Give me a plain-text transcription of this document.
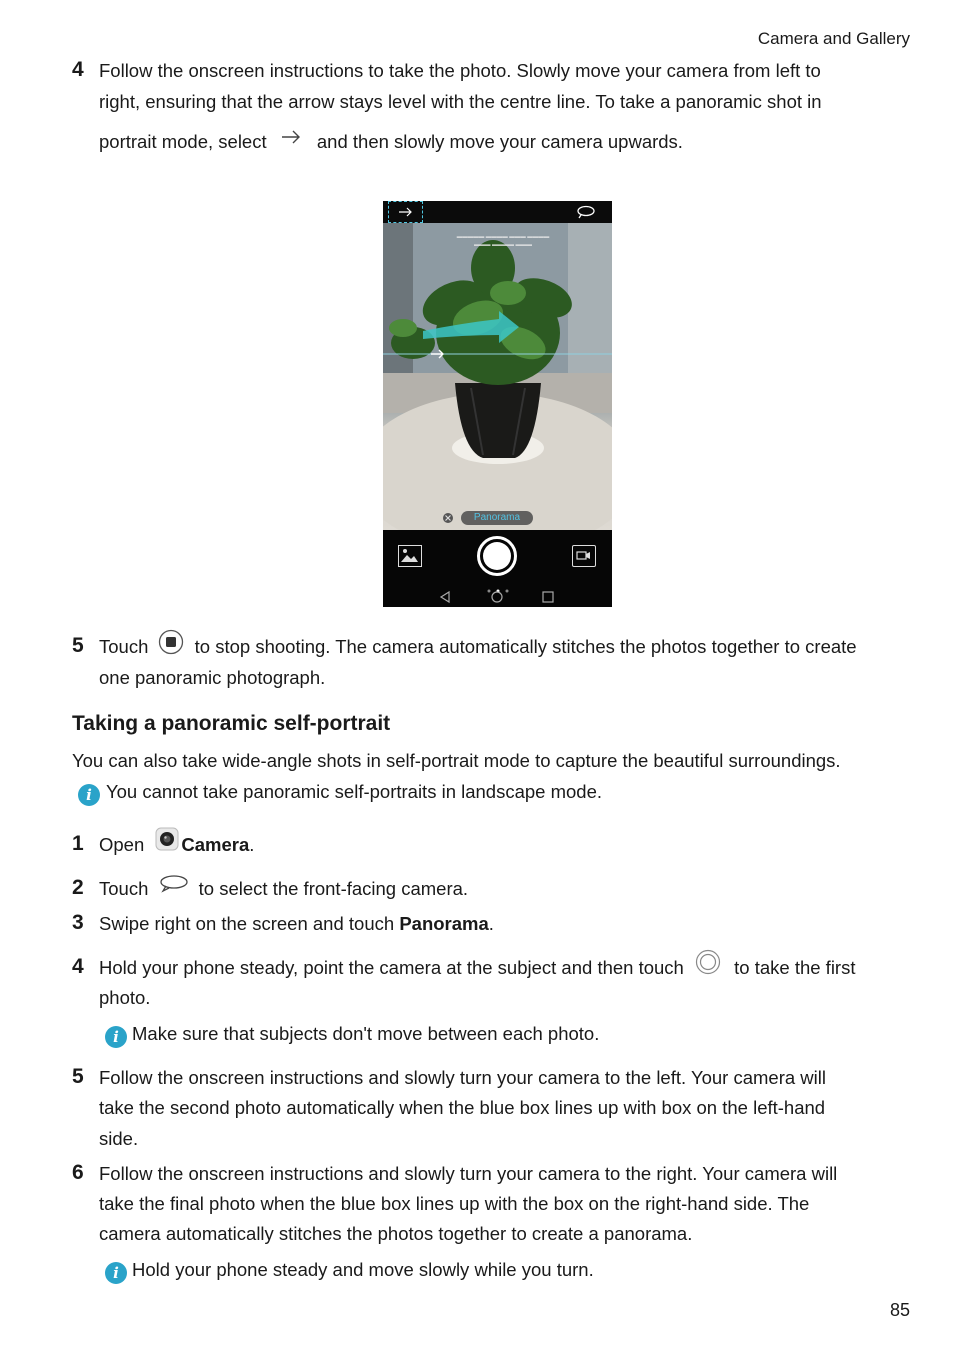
Camera and Gallery
4 Follow the onscreen instructions to take the photo. Slowly move your camera from left to
right, ensuring that the arrow stays level with the centre line. To take a panoramic shot in
portrait mode, select	and then slowly move your camera upwards.
▬▬▬▬▬ ▬▬▬▬ ▬▬▬ ▬▬▬▬
▬▬▬ ▬▬▬▬ ▬▬▬
Panorama
5 Touch	to stop shooting. The camera automatically stitches the photos together to create
one panoramic photograph.
Taking a panoramic self-portrait
You can also take wide-angle shots in self-portrait mode to capture the beautiful surroundings.
i
You cannot take panoramic self-portraits in landscape mode.
1 Open Camera.
2 Touch	to select the front-facing camera.
3 Swipe right on the screen and touch Panorama.
4 Hold your phone steady, point the camera at the subject and then touch	to take the first
photo.
i
Make sure that subjects don't move between each photo.
5 Follow the onscreen instructions and slowly turn your camera to the left. Your camera will
take the second photo automatically when the blue box lines up with box on the left-hand
side.
6 Follow the onscreen instructions and slowly turn your camera to the right. Your camera will
take the final photo when the blue box lines up with the box on the right-hand side. The
camera automatically stitches the photos together to create a panorama.
i
Hold your phone steady and move slowly while you turn.
85
